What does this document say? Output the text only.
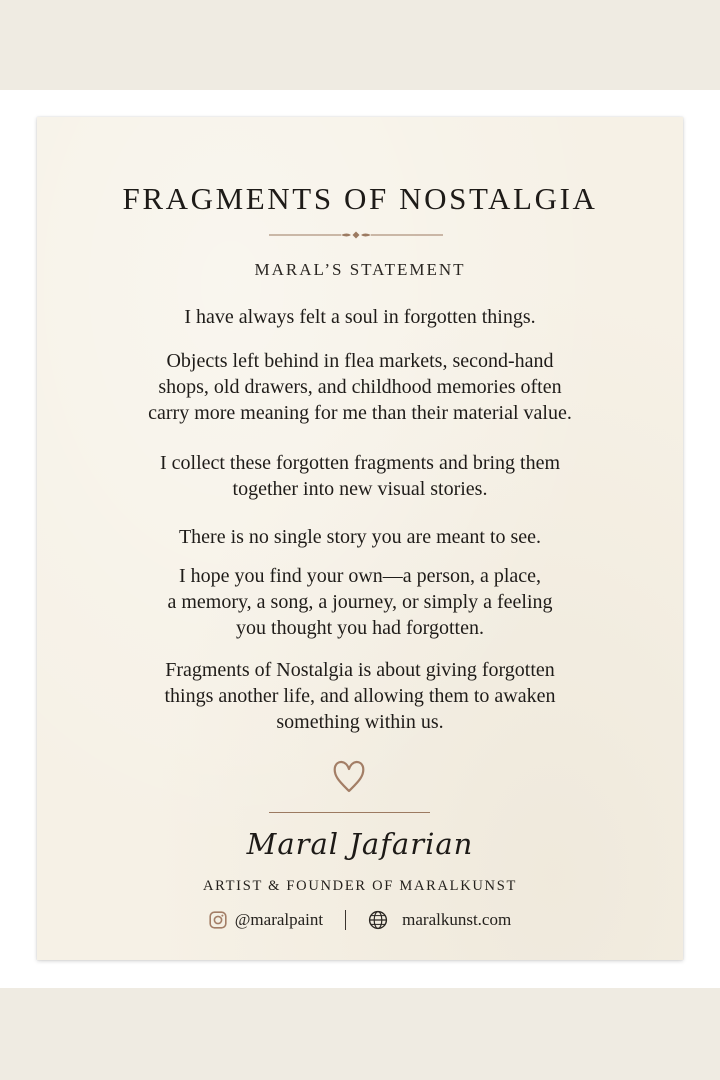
FRAGMENTS OF NOSTALGIA
MARAL’S STATEMENT

I have always felt a soul in forgotten things.

Objects left behind in flea markets, second-hand
shops, old drawers, and childhood memories often
carry more meaning for me than their material value.

I collect these forgotten fragments and bring them
together into new visual stories.

There is no single story you are meant to see.

I hope you find your own—a person, a place,
a memory, a song, a journey, or simply a feeling
you thought you had forgotten.

Fragments of Nostalgia is about giving forgotten
things another life, and allowing them to awaken
something within us.

Maral Jafarian
ARTIST & FOUNDER OF MARALKUNST
@maralpaint	maralkunst.com
